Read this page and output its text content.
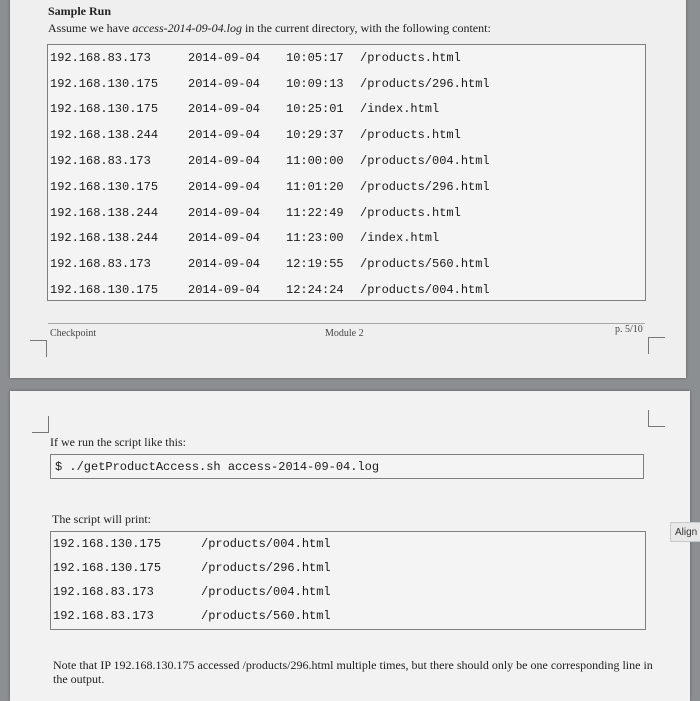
Sample Run
Assume we have access-2014-09-04.log in the current directory, with the following content:
192.168.83.173	2014-09-04	10:05:17	/products.html
192.168.130.175	2014-09-04	10:09:13	/products/296.html
192.168.130.175	2014-09-04	10:25:01	/index.html
192.168.138.244	2014-09-04	10:29:37	/products.html
192.168.83.173	2014-09-04	11:00:00	/products/004.html
192.168.130.175	2014-09-04	11:01:20	/products/296.html
192.168.138.244	2014-09-04	11:22:49	/products.html
192.168.138.244	2014-09-04	11:23:00	/index.html
192.168.83.173	2014-09-04	12:19:55	/products/560.html
192.168.130.175	2014-09-04	12:24:24	/products/004.html
Checkpoint	Module 2	p. 5/10
If we run the script like this:
$ ./getProductAccess.sh access-2014-09-04.log
The script will print:
192.168.130.175	/products/004.html
192.168.130.175	/products/296.html
192.168.83.173	/products/004.html
192.168.83.173	/products/560.html
Note that IP 192.168.130.175 accessed /products/296.html multiple times, but there should only be one corresponding line in the output.
Align
